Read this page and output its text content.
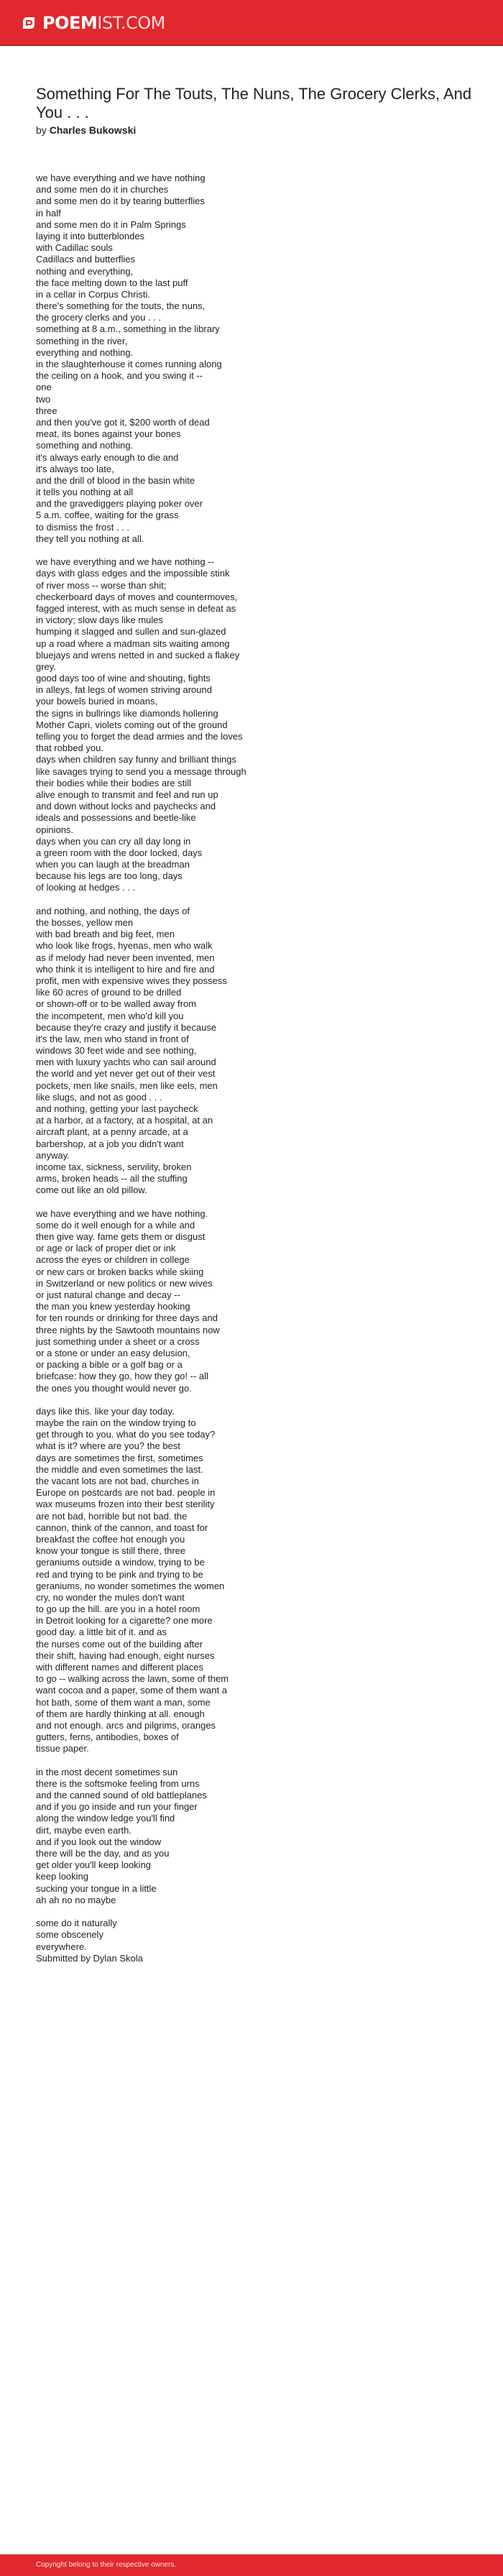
POEMIST.COM
Something For The Touts, The Nuns, The Grocery Clerks, And You . . .
by Charles Bukowski
we have everything and we have nothing
and some men do it in churches
and some men do it by tearing butterflies
in half
and some men do it in Palm Springs
laying it into butterblondes
with Cadillac souls
Cadillacs and butterflies
nothing and everything,
the face melting down to the last puff
in a cellar in Corpus Christi.
there's something for the touts, the nuns,
the grocery clerks and you . . .
something at 8 a.m., something in the library
something in the river,
everything and nothing.
in the slaughterhouse it comes running along
the ceiling on a hook, and you swing it --
one
two
three
and then you've got it, $200 worth of dead
meat, its bones against your bones
something and nothing.
it's always early enough to die and
it's always too late,
and the drill of blood in the basin white
it tells you nothing at all
and the gravediggers playing poker over
5 a.m. coffee, waiting for the grass
to dismiss the frost . . .
they tell you nothing at all.
we have everything and we have nothing --
days with glass edges and the impossible stink
of river moss -- worse than shit;
checkerboard days of moves and countermoves,
fagged interest, with as much sense in defeat as
in victory; slow days like mules
humping it slagged and sullen and sun-glazed
up a road where a madman sits waiting among
bluejays and wrens netted in and sucked a flakey
grey.
good days too of wine and shouting, fights
in alleys, fat legs of women striving around
your bowels buried in moans,
the signs in bullrings like diamonds hollering
Mother Capri, violets coming out of the ground
telling you to forget the dead armies and the loves
that robbed you.
days when children say funny and brilliant things
like savages trying to send you a message through
their bodies while their bodies are still
alive enough to transmit and feel and run up
and down without locks and paychecks and
ideals and possessions and beetle-like
opinions.
days when you can cry all day long in
a green room with the door locked, days
when you can laugh at the breadman
because his legs are too long, days
of looking at hedges . . .
and nothing, and nothing, the days of
the bosses, yellow men
with bad breath and big feet, men
who look like frogs, hyenas, men who walk
as if melody had never been invented, men
who think it is intelligent to hire and fire and
profit, men with expensive wives they possess
like 60 acres of ground to be drilled
or shown-off or to be walled away from
the incompetent, men who'd kill you
because they're crazy and justify it because
it's the law, men who stand in front of
windows 30 feet wide and see nothing,
men with luxury yachts who can sail around
the world and yet never get out of their vest
pockets, men like snails, men like eels, men
like slugs, and not as good . . .
and nothing, getting your last paycheck
at a harbor, at a factory, at a hospital, at an
aircraft plant, at a penny arcade, at a
barbershop, at a job you didn't want
anyway.
income tax, sickness, servility, broken
arms, broken heads -- all the stuffing
come out like an old pillow.
we have everything and we have nothing.
some do it well enough for a while and
then give way. fame gets them or disgust
or age or lack of proper diet or ink
across the eyes or children in college
or new cars or broken backs while skiing
in Switzerland or new politics or new wives
or just natural change and decay --
the man you knew yesterday hooking
for ten rounds or drinking for three days and
three nights by the Sawtooth mountains now
just something under a sheet or a cross
or a stone or under an easy delusion,
or packing a bible or a golf bag or a
briefcase: how they go, how they go! -- all
the ones you thought would never go.
days like this. like your day today.
maybe the rain on the window trying to
get through to you. what do you see today?
what is it? where are you? the best
days are sometimes the first, sometimes
the middle and even sometimes the last.
the vacant lots are not bad, churches in
Europe on postcards are not bad. people in
wax museums frozen into their best sterility
are not bad, horrible but not bad. the
cannon, think of the cannon, and toast for
breakfast the coffee hot enough you
know your tongue is still there, three
geraniums outside a window, trying to be
red and trying to be pink and trying to be
geraniums, no wonder sometimes the women
cry, no wonder the mules don't want
to go up the hill. are you in a hotel room
in Detroit looking for a cigarette? one more
good day. a little bit of it. and as
the nurses come out of the building after
their shift, having had enough, eight nurses
with different names and different places
to go -- walking across the lawn, some of them
want cocoa and a paper, some of them want a
hot bath, some of them want a man, some
of them are hardly thinking at all. enough
and not enough. arcs and pilgrims, oranges
gutters, ferns, antibodies, boxes of
tissue paper.
in the most decent sometimes sun
there is the softsmoke feeling from urns
and the canned sound of old battleplanes
and if you go inside and run your finger
along the window ledge you'll find
dirt, maybe even earth.
and if you look out the window
there will be the day, and as you
get older you'll keep looking
keep looking
sucking your tongue in a little
ah ah no no maybe
some do it naturally
some obscenely
everywhere.
Submitted by Dylan Skola
Copyright belong to their respective owners.
